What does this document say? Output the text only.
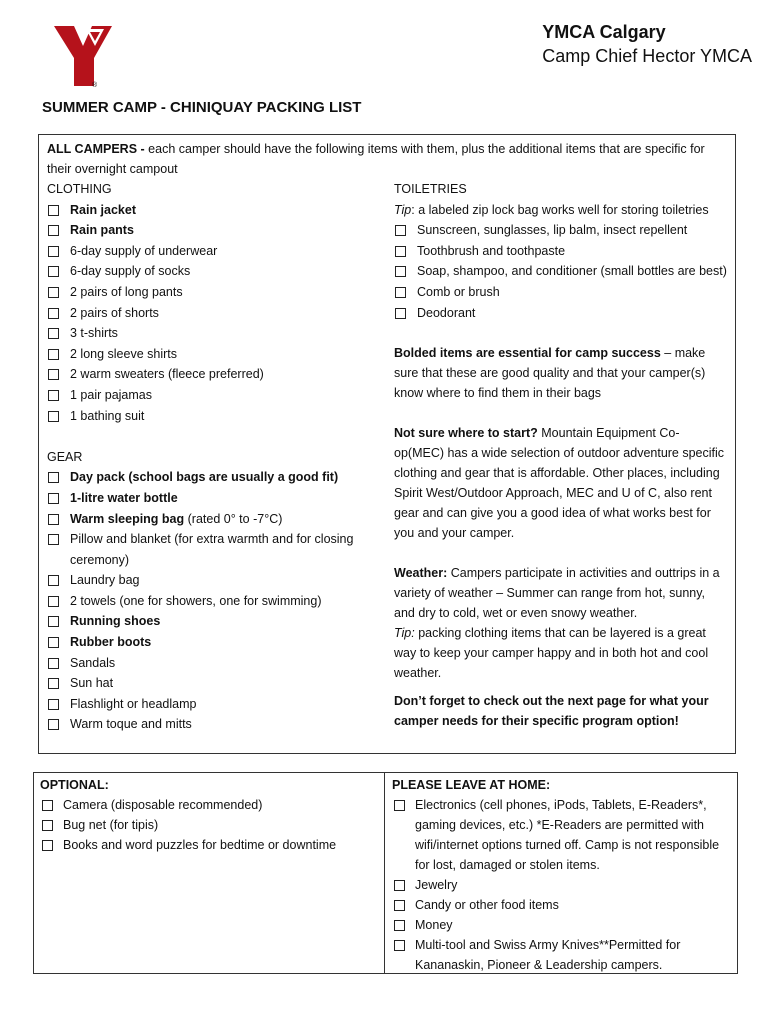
®
YMCA Calgary
Camp Chief Hector YMCA
SUMMER CAMP - CHINIQUAY PACKING LIST
ALL CAMPERS - each camper should have the following items with them, plus the additional items that are specific for their overnight campout
CLOTHING
Rain jacket
Rain pants
6-day supply of underwear
6-day supply of socks
2 pairs of long pants
2 pairs of shorts
3 t-shirts
2 long sleeve shirts
2 warm sweaters (fleece preferred)
1 pair pajamas
1 bathing suit
GEAR
Day pack (school bags are usually a good fit)
1-litre water bottle
Warm sleeping bag (rated 0° to -7°C)
Pillow and blanket (for extra warmth and for closing ceremony)
Laundry bag
2 towels (one for showers, one for swimming)
Running shoes
Rubber boots
Sandals
Sun hat
Flashlight or headlamp
Warm toque and mitts
TOILETRIES
Tip: a labeled zip lock bag works well for storing toiletries
Sunscreen, sunglasses, lip balm, insect repellent
Toothbrush and toothpaste
Soap, shampoo, and conditioner (small bottles are best)
Comb or brush
Deodorant

Bolded items are essential for camp success – make sure that these are good quality and that your camper(s) know where to find them in their bags

Not sure where to start? Mountain Equipment Co-op(MEC) has a wide selection of outdoor adventure specific clothing and gear that is affordable. Other places, including Spirit West/Outdoor Approach, MEC and U of C, also rent gear and can give you a good idea of what works best for you and your camper.

Weather: Campers participate in activities and outtrips in a variety of weather – Summer can range from hot, sunny, and dry to cold, wet or even snowy weather.
Tip: packing clothing items that can be layered is a great way to keep your camper happy and in both hot and cool weather.

Don’t forget to check out the next page for what your camper needs for their specific program option!

OPTIONAL:
Camera (disposable recommended)
Bug net (for tipis)
Books and word puzzles for bedtime or downtime
PLEASE LEAVE AT HOME:
Electronics (cell phones, iPods, Tablets, E-Readers*, gaming devices, etc.) *E-Readers are permitted with wifi/internet options turned off. Camp is not responsible for lost, damaged or stolen items.
Jewelry
Candy or other food items
Money
Multi-tool and Swiss Army Knives**Permitted for Kananaskin, Pioneer & Leadership campers.
